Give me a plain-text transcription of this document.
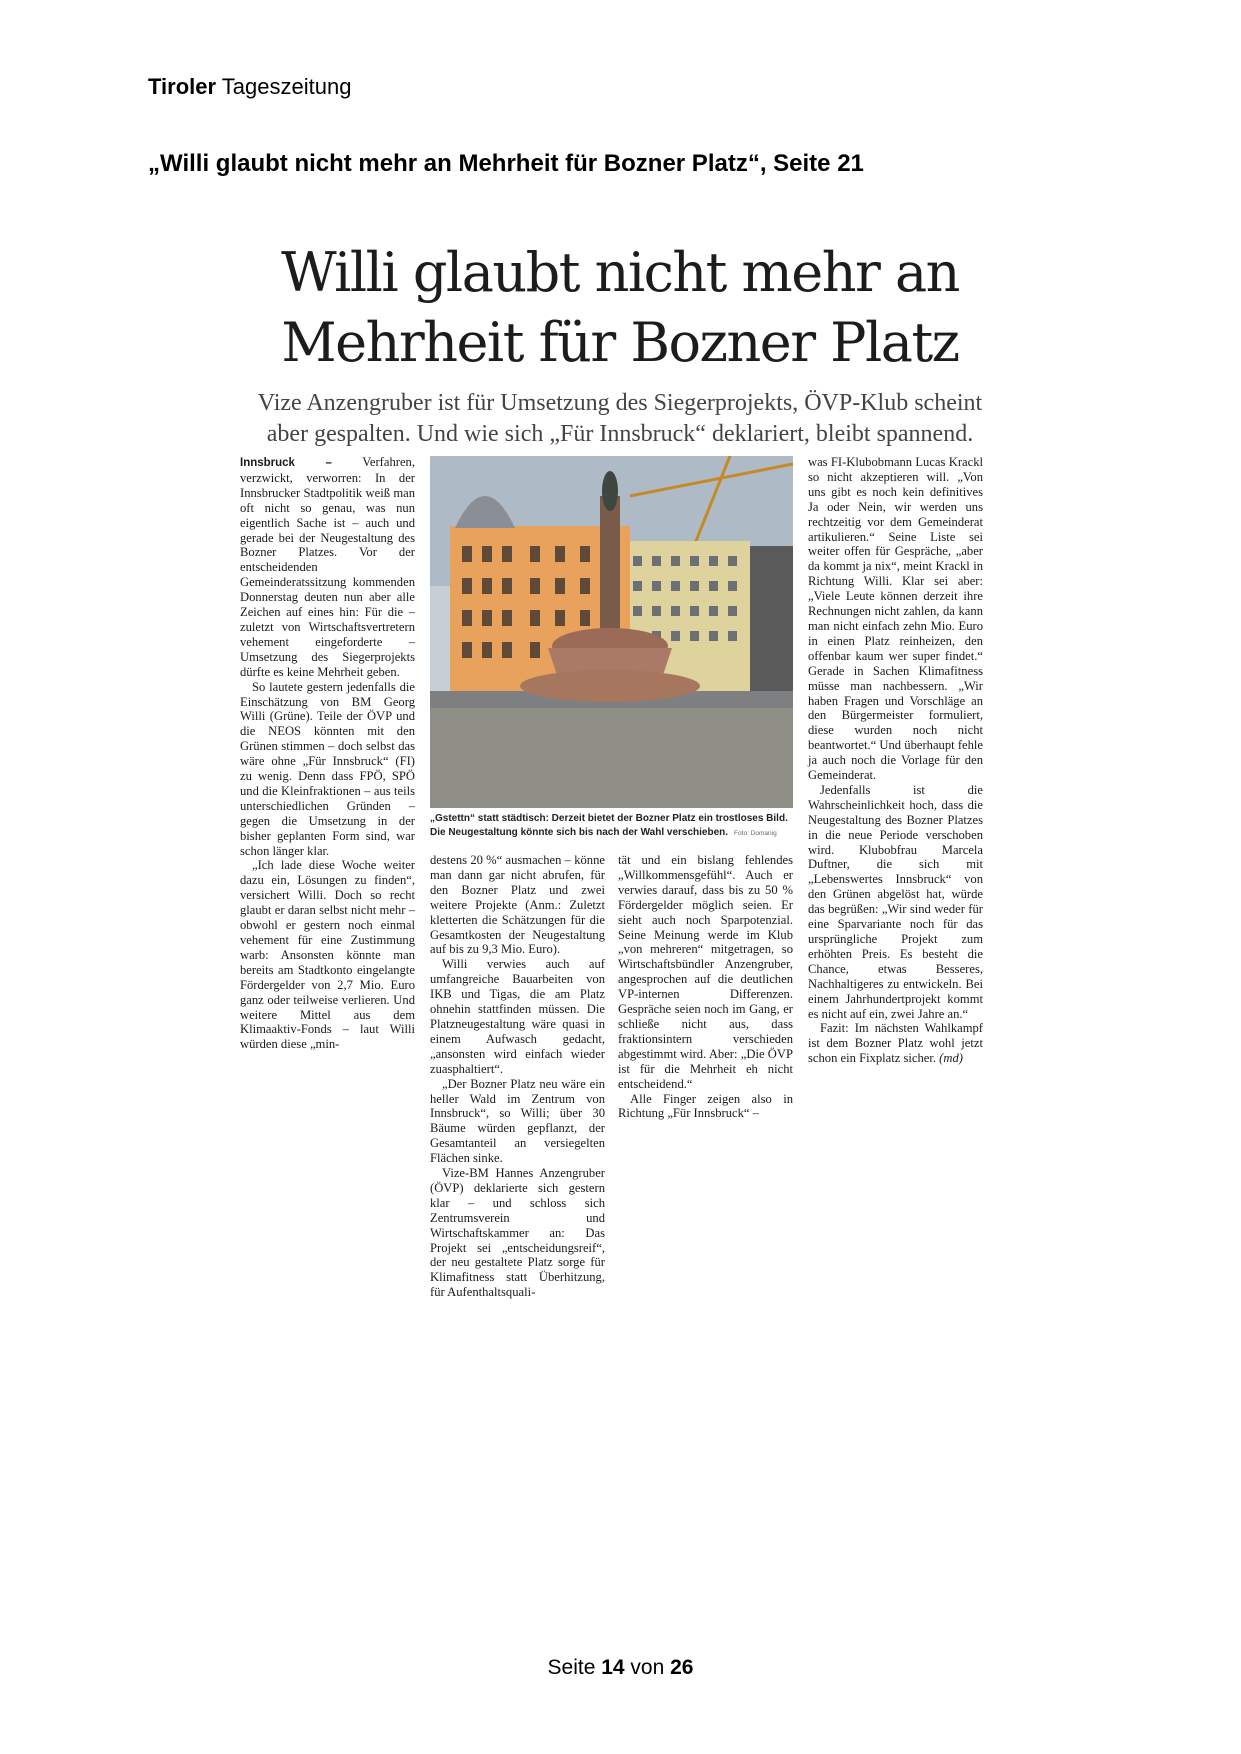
Tiroler Tageszeitung
„Willi glaubt nicht mehr an Mehrheit für Bozner Platz“, Seite 21
Willi glaubt nicht mehr an
Mehrheit für Bozner Platz
Vize Anzengruber ist für Umsetzung des Siegerprojekts, ÖVP-Klub scheint
aber gespalten. Und wie sich „Für Innsbruck“ deklariert, bleibt spannend.

Innsbruck – Verfahren, verzwickt, verworren: In der Innsbrucker Stadtpolitik weiß man oft nicht so genau, was nun eigentlich Sache ist – auch und gerade bei der Neugestaltung des Bozner Platzes. Vor der entscheidenden Gemeinderatssitzung kommenden Donnerstag deuten nun aber alle Zeichen auf eines hin: Für die – zuletzt von Wirtschaftsvertretern vehement eingeforderte – Umsetzung des Siegerprojekts dürfte es keine Mehrheit geben.

So lautete gestern jedenfalls die Einschätzung von BM Georg Willi (Grüne). Teile der ÖVP und die NEOS könnten mit den Grünen stimmen – doch selbst das wäre ohne „Für Innsbruck“ (FI) zu wenig. Denn dass FPÖ, SPÖ und die Kleinfraktionen – aus teils unterschiedlichen Gründen – gegen die Umsetzung in der bisher geplanten Form sind, war schon länger klar.

„Ich lade diese Woche weiter dazu ein, Lösungen zu finden“, versichert Willi. Doch so recht glaubt er daran selbst nicht mehr – obwohl er gestern noch einmal vehement für eine Zustimmung warb: Ansonsten könnte man bereits am Stadtkonto eingelangte Fördergelder von 2,7 Mio. Euro ganz oder teilweise verlieren. Und weitere Mittel aus dem Klimaaktiv-Fonds – laut Willi würden diese „min-

„Gstettn“ statt städtisch: Derzeit bietet der Bozner Platz ein trostloses Bild. Die Neugestaltung könnte sich bis nach der Wahl verschieben. Foto: Domanig

destens 20 %“ ausmachen – könne man dann gar nicht abrufen, für den Bozner Platz und zwei weitere Projekte (Anm.: Zuletzt kletterten die Schätzungen für die Gesamtkosten der Neugestaltung auf bis zu 9,3 Mio. Euro).

Willi verwies auch auf umfangreiche Bauarbeiten von IKB und Tigas, die am Platz ohnehin stattfinden müssen. Die Platzneugestaltung wäre quasi in einem Aufwasch gedacht, „ansonsten wird einfach wieder zuasphaltiert“.

„Der Bozner Platz neu wäre ein heller Wald im Zentrum von Innsbruck“, so Willi; über 30 Bäume würden gepflanzt, der Gesamtanteil an versiegelten Flächen sinke.

Vize-BM Hannes Anzengruber (ÖVP) deklarierte sich gestern klar – und schloss sich Zentrumsverein und Wirtschaftskammer an: Das Projekt sei „entscheidungsreif“, der neu gestaltete Platz sorge für Klimafitness statt Überhitzung, für Aufenthaltsquali-

tät und ein bislang fehlendes „Willkommensgefühl“. Auch er verwies darauf, dass bis zu 50 % Fördergelder möglich seien. Er sieht auch noch Sparpotenzial. Seine Meinung werde im Klub „von mehreren“ mitgetragen, so Wirtschaftsbündler Anzengruber, angesprochen auf die deutlichen VP-internen Differenzen. Gespräche seien noch im Gang, er schließe nicht aus, dass fraktionsintern verschieden abgestimmt wird. Aber: „Die ÖVP ist für die Mehrheit eh nicht entscheidend.“

Alle Finger zeigen also in Richtung „Für Innsbruck“ –

was FI-Klubobmann Lucas Krackl so nicht akzeptieren will. „Von uns gibt es noch kein definitives Ja oder Nein, wir werden uns rechtzeitig vor dem Gemeinderat artikulieren.“ Seine Liste sei weiter offen für Gespräche, „aber da kommt ja nix“, meint Krackl in Richtung Willi. Klar sei aber: „Viele Leute können derzeit ihre Rechnungen nicht zahlen, da kann man nicht einfach zehn Mio. Euro in einen Platz reinheizen, den offenbar kaum wer super findet.“ Gerade in Sachen Klimafitness müsse man nachbessern. „Wir haben Fragen und Vorschläge an den Bürgermeister formuliert, diese wurden noch nicht beantwortet.“ Und überhaupt fehle ja auch noch die Vorlage für den Gemeinderat.

Jedenfalls ist die Wahrscheinlichkeit hoch, dass die Neugestaltung des Bozner Platzes in die neue Periode verschoben wird. Klubobfrau Marcela Duftner, die sich mit „Lebenswertes Innsbruck“ von den Grünen abgelöst hat, würde das begrüßen: „Wir sind weder für eine Sparvariante noch für das ursprüngliche Projekt zum erhöhten Preis. Es besteht die Chance, etwas Besseres, Nachhaltigeres zu entwickeln. Bei einem Jahrhundertprojekt kommt es nicht auf ein, zwei Jahre an.“

Fazit: Im nächsten Wahlkampf ist dem Bozner Platz wohl jetzt schon ein Fixplatz sicher. (md)

Seite 14 von 26
